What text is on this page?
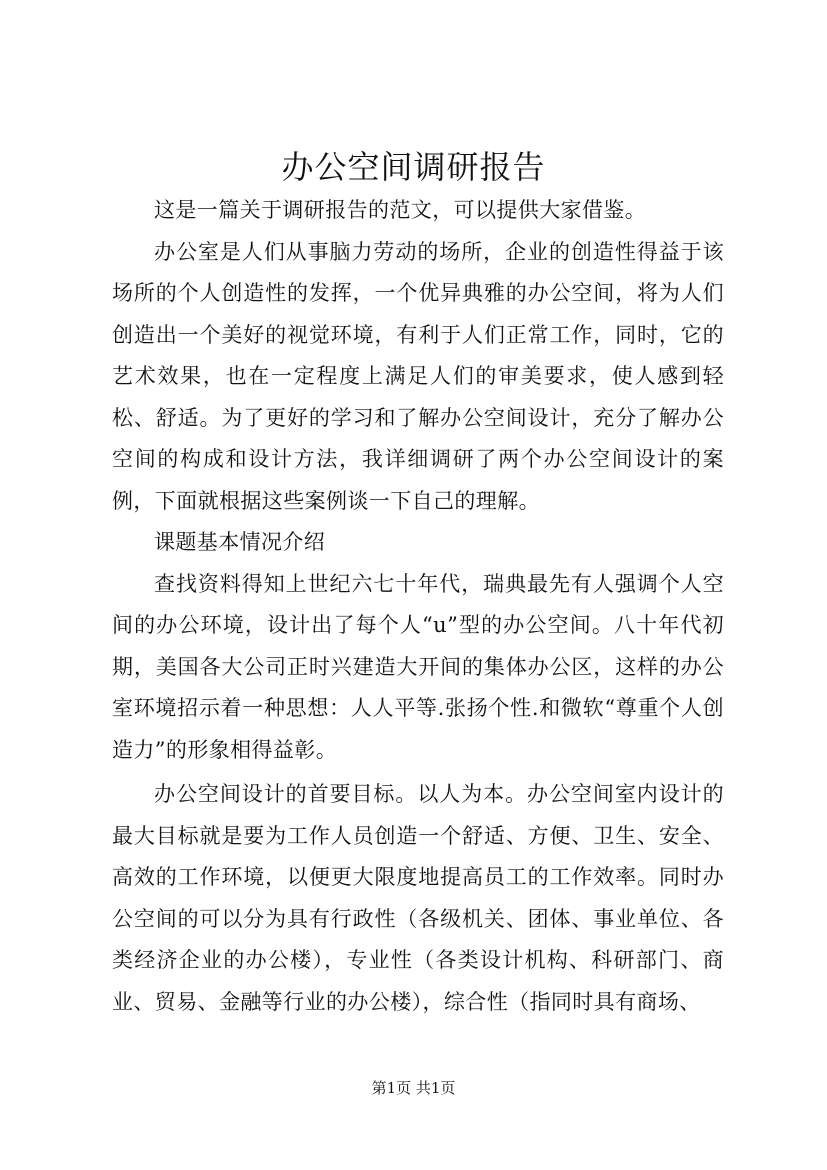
办公空间调研报告

这是一篇关于调研报告的范文，可以提供大家借鉴。

办公室是人们从事脑力劳动的场所，企业的创造性得益于该场所的个人创造性的发挥，一个优异典雅的办公空间，将为人们创造出一个美好的视觉环境，有利于人们正常工作，同时，它的艺术效果，也在一定程度上满足人们的审美要求，使人感到轻松、舒适。为了更好的学习和了解办公空间设计，充分了解办公空间的构成和设计方法，我详细调研了两个办公空间设计的案例，下面就根据这些案例谈一下自己的理解。

课题基本情况介绍

查找资料得知上世纪六七十年代，瑞典最先有人强调个人空间的办公环境，设计出了每个人“u”型的办公空间。八十年代初期，美国各大公司正时兴建造大开间的集体办公区，这样的办公室环境招示着一种思想：人人平等.张扬个性.和微软“尊重个人创造力”的形象相得益彰。

办公空间设计的首要目标。以人为本。办公空间室内设计的最大目标就是要为工作人员创造一个舒适、方便、卫生、安全、高效的工作环境，以便更大限度地提高员工的工作效率。同时办公空间的可以分为具有行政性（各级机关、团体、事业单位、各类经济企业的办公楼），专业性（各类设计机构、科研部门、商业、贸易、金融等行业的办公楼），综合性（指同时具有商场、

第1页 共1页
